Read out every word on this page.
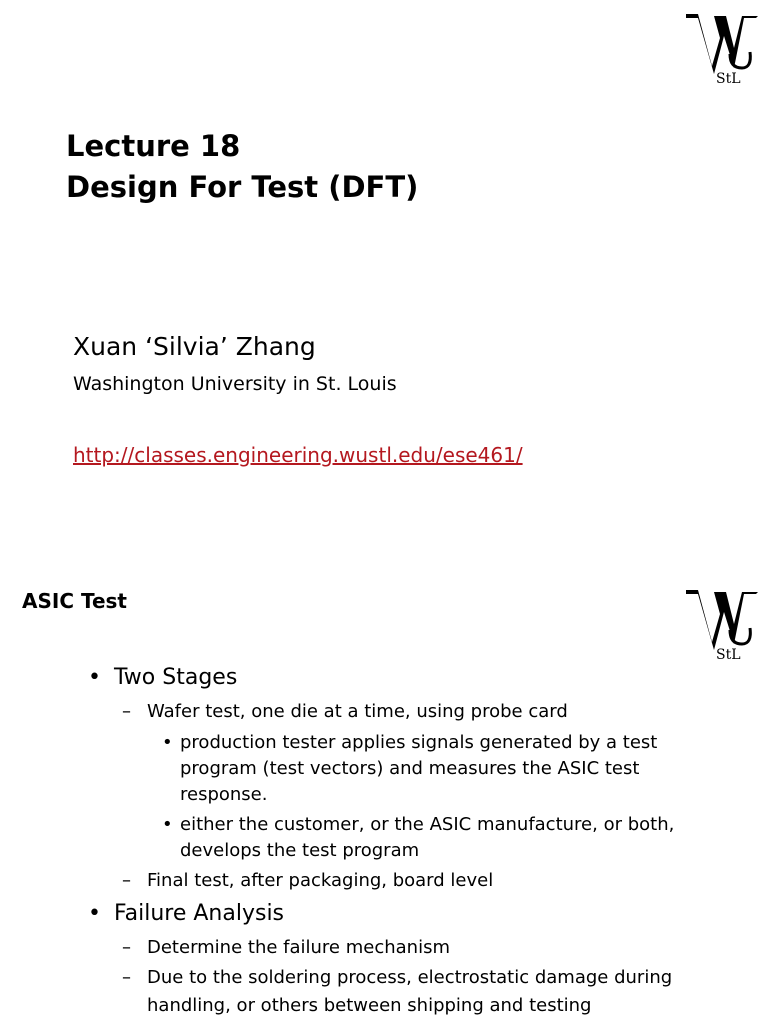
StL
Lecture 18
Design For Test (DFT)
Xuan ‘Silvia’ Zhang
Washington University in St. Louis
http://classes.engineering.wustl.edu/ese461/
StL
ASIC Test
• Two Stages
– Wafer test, one die at a time, using probe card
• production tester applies signals generated by a test program (test vectors) and measures the ASIC test response.
• either the customer, or the ASIC manufacture, or both, develops the test program
– Final test, after packaging, board level
• Failure Analysis
– Determine the failure mechanism
– Due to the soldering process, electrostatic damage during handling, or others between shipping and testing
